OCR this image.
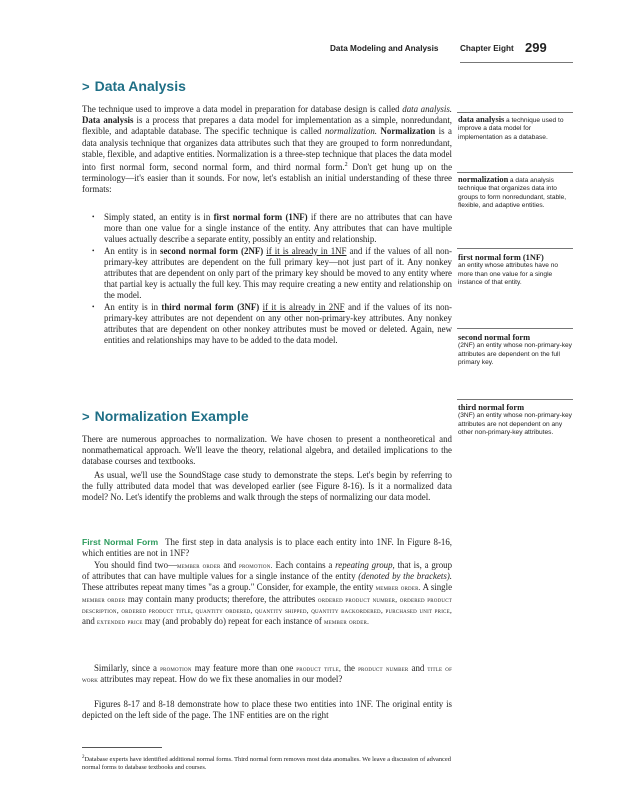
Data Modeling and Analysis	Chapter Eight 299
> Data Analysis

The technique used to improve a data model in preparation for database design is called data analysis. Data analysis is a process that prepares a data model for implementation as a simple, nonredundant, flexible, and adaptable database. The specific technique is called normalization. Normalization is a data analysis technique that organizes data attributes such that they are grouped to form nonredundant, stable, flexible, and adaptive entities. Normalization is a three-step technique that places the data model into first normal form, second normal form, and third normal form.$^2$ Don't get hung up on the terminology—it's easier than it sounds. For now, let's establish an initial understanding of these three formats:

• Simply stated, an entity is in first normal form (1NF) if there are no attributes that can have more than one value for a single instance of the entity. Any attributes that can have multiple values actually describe a separate entity, possibly an entity and relationship.
• An entity is in second normal form (2NF) if it is already in 1NF and if the values of all non-primary-key attributes are dependent on the full primary key—not just part of it. Any nonkey attributes that are dependent on only part of the primary key should be moved to any entity where that partial key is actually the full key. This may require creating a new entity and relationship on the model.
• An entity is in third normal form (3NF) if it is already in 2NF and if the values of its non-primary-key attributes are not dependent on any other non-primary-key attributes. Any nonkey attributes that are dependent on other nonkey attributes must be moved or deleted. Again, new entities and relationships may have to be added to the data model.
> Normalization Example

There are numerous approaches to normalization. We have chosen to present a nontheoretical and nonmathematical approach. We'll leave the theory, relational algebra, and detailed implications to the database courses and textbooks.

As usual, we'll use the SoundStage case study to demonstrate the steps. Let's begin by referring to the fully attributed data model that was developed earlier (see Figure 8-16). Is it a normalized data model? No. Let's identify the problems and walk through the steps of normalizing our data model.

First Normal Form The first step in data analysis is to place each entity into 1NF. In Figure 8-16, which entities are not in 1NF?

You should find two—member order and promotion. Each contains a repeating group, that is, a group of attributes that can have multiple values for a single instance of the entity (denoted by the brackets). These attributes repeat many times "as a group." Consider, for example, the entity member order. A single member order may contain many products; therefore, the attributes ordered product number, ordered product description, ordered product title, quantity ordered, quantity shipped, quantity backordered, purchased unit price, and extended price may (and probably do) repeat for each instance of member order.

Similarly, since a promotion may feature more than one product title, the product number and title of work attributes may repeat. How do we fix these anomalies in our model?

Figures 8-17 and 8-18 demonstrate how to place these two entities into 1NF. The original entity is depicted on the left side of the page. The 1NF entities are on the right

$^2$Database experts have identified additional normal forms. Third normal form removes most data anomalies. We leave a discussion of advanced normal forms to database textbooks and courses.
data analysis a technique used to improve a data model for implementation as a database.
normalization a data analysis technique that organizes data into groups to form nonredundant, stable, flexible, and adaptive entities.
first normal form (1NF)
an entity whose attributes have no more than one value for a single instance of that entity.
second normal form
(2NF) an entity whose non-primary-key attributes are dependent on the full primary key.
third normal form
(3NF) an entity whose non-primary-key attributes are not dependent on any other non-primary-key attributes.
